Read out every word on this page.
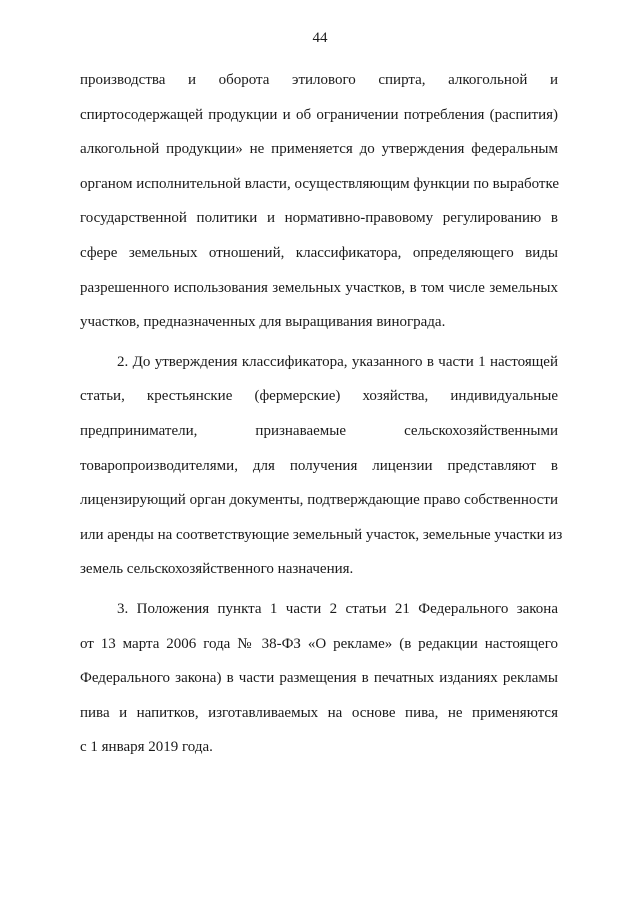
44
производства и оборота этилового спирта, алкогольной и
спиртосодержащей продукции и об ограничении потребления (распития)
алкогольной продукции» не применяется до утверждения федеральным
органом исполнительной власти, осуществляющим функции по выработке
государственной политики и нормативно-правовому регулированию в
сфере земельных отношений, классификатора, определяющего виды
разрешенного использования земельных участков, в том числе земельных
участков, предназначенных для выращивания винограда.
2. До утверждения классификатора, указанного в части 1 настоящей
статьи, крестьянские (фермерские) хозяйства, индивидуальные
предприниматели, признаваемые сельскохозяйственными
товаропроизводителями, для получения лицензии представляют в
лицензирующий орган документы, подтверждающие право собственности
или аренды на соответствующие земельный участок, земельные участки из
земель сельскохозяйственного назначения.
3. Положения пункта 1 части 2 статьи 21 Федерального закона
от 13 марта 2006 года № 38-ФЗ «О рекламе» (в редакции настоящего
Федерального закона) в части размещения в печатных изданиях рекламы
пива и напитков, изготавливаемых на основе пива, не применяются
с 1 января 2019 года.
